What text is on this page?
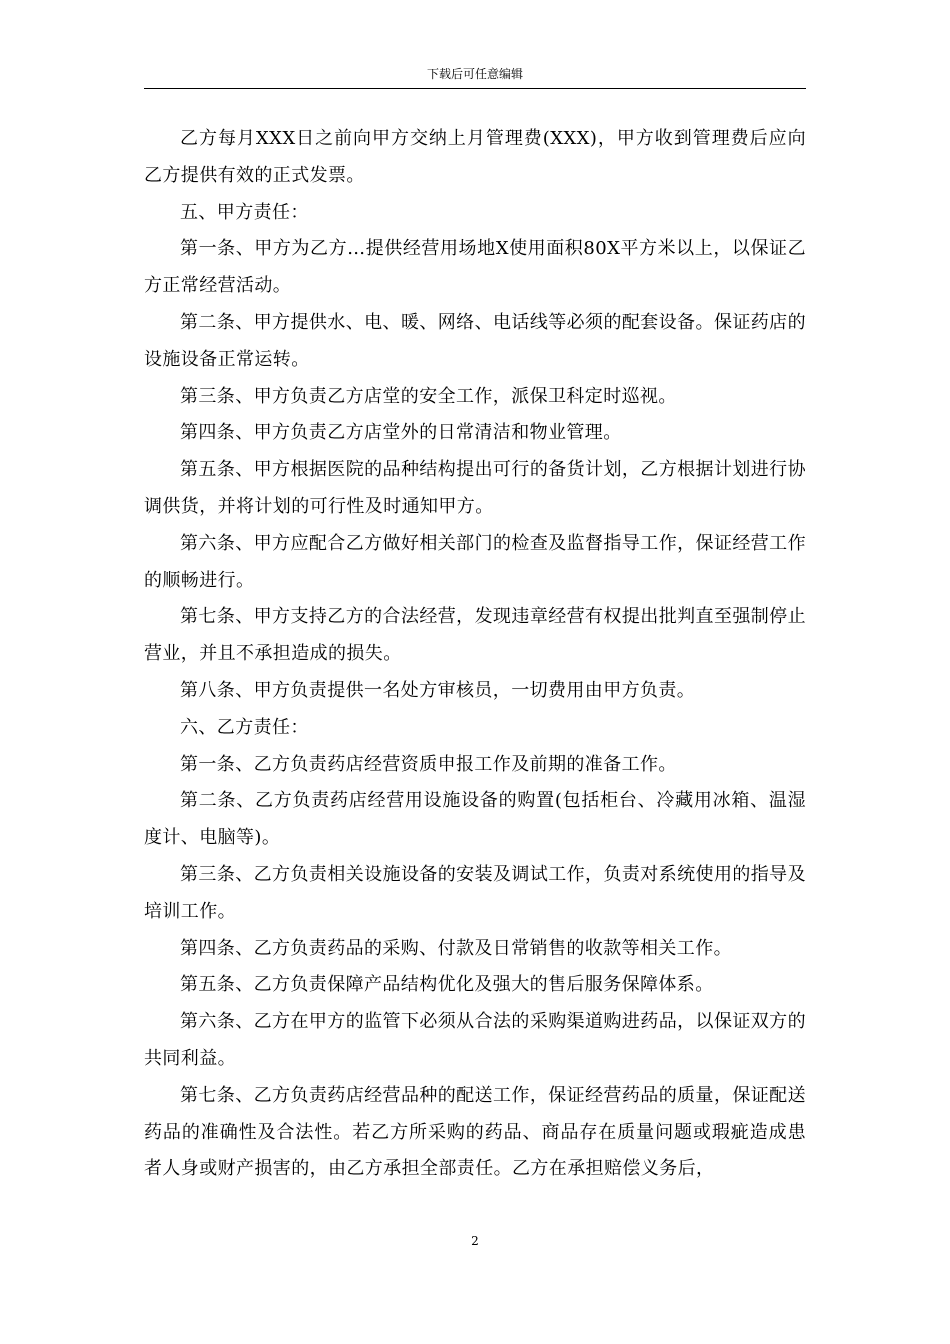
下载后可任意编辑

乙方每月XXX日之前向甲方交纳上月管理费(XXX)，甲方收到管理费后应向乙方提供有效的正式发票。

五、甲方责任：

第一条、甲方为乙方…提供经营用场地X使用面积80X平方米以上，以保证乙方正常经营活动。

第二条、甲方提供水、电、暖、网络、电话线等必须的配套设备。保证药店的设施设备正常运转。

第三条、甲方负责乙方店堂的安全工作，派保卫科定时巡视。

第四条、甲方负责乙方店堂外的日常清洁和物业管理。

第五条、甲方根据医院的品种结构提出可行的备货计划，乙方根据计划进行协调供货，并将计划的可行性及时通知甲方。

第六条、甲方应配合乙方做好相关部门的检查及监督指导工作，保证经营工作的顺畅进行。

第七条、甲方支持乙方的合法经营，发现违章经营有权提出批判直至强制停止营业，并且不承担造成的损失。

第八条、甲方负责提供一名处方审核员，一切费用由甲方负责。

六、乙方责任：

第一条、乙方负责药店经营资质申报工作及前期的准备工作。

第二条、乙方负责药店经营用设施设备的购置(包括柜台、冷藏用冰箱、温湿度计、电脑等)。

第三条、乙方负责相关设施设备的安装及调试工作，负责对系统使用的指导及培训工作。

第四条、乙方负责药品的采购、付款及日常销售的收款等相关工作。

第五条、乙方负责保障产品结构优化及强大的售后服务保障体系。

第六条、乙方在甲方的监管下必须从合法的采购渠道购进药品，以保证双方的共同利益。

第七条、乙方负责药店经营品种的配送工作，保证经营药品的质量，保证配送药品的准确性及合法性。若乙方所采购的药品、商品存在质量问题或瑕疵造成患者人身或财产损害的，由乙方承担全部责任。乙方在承担赔偿义务后，

2
